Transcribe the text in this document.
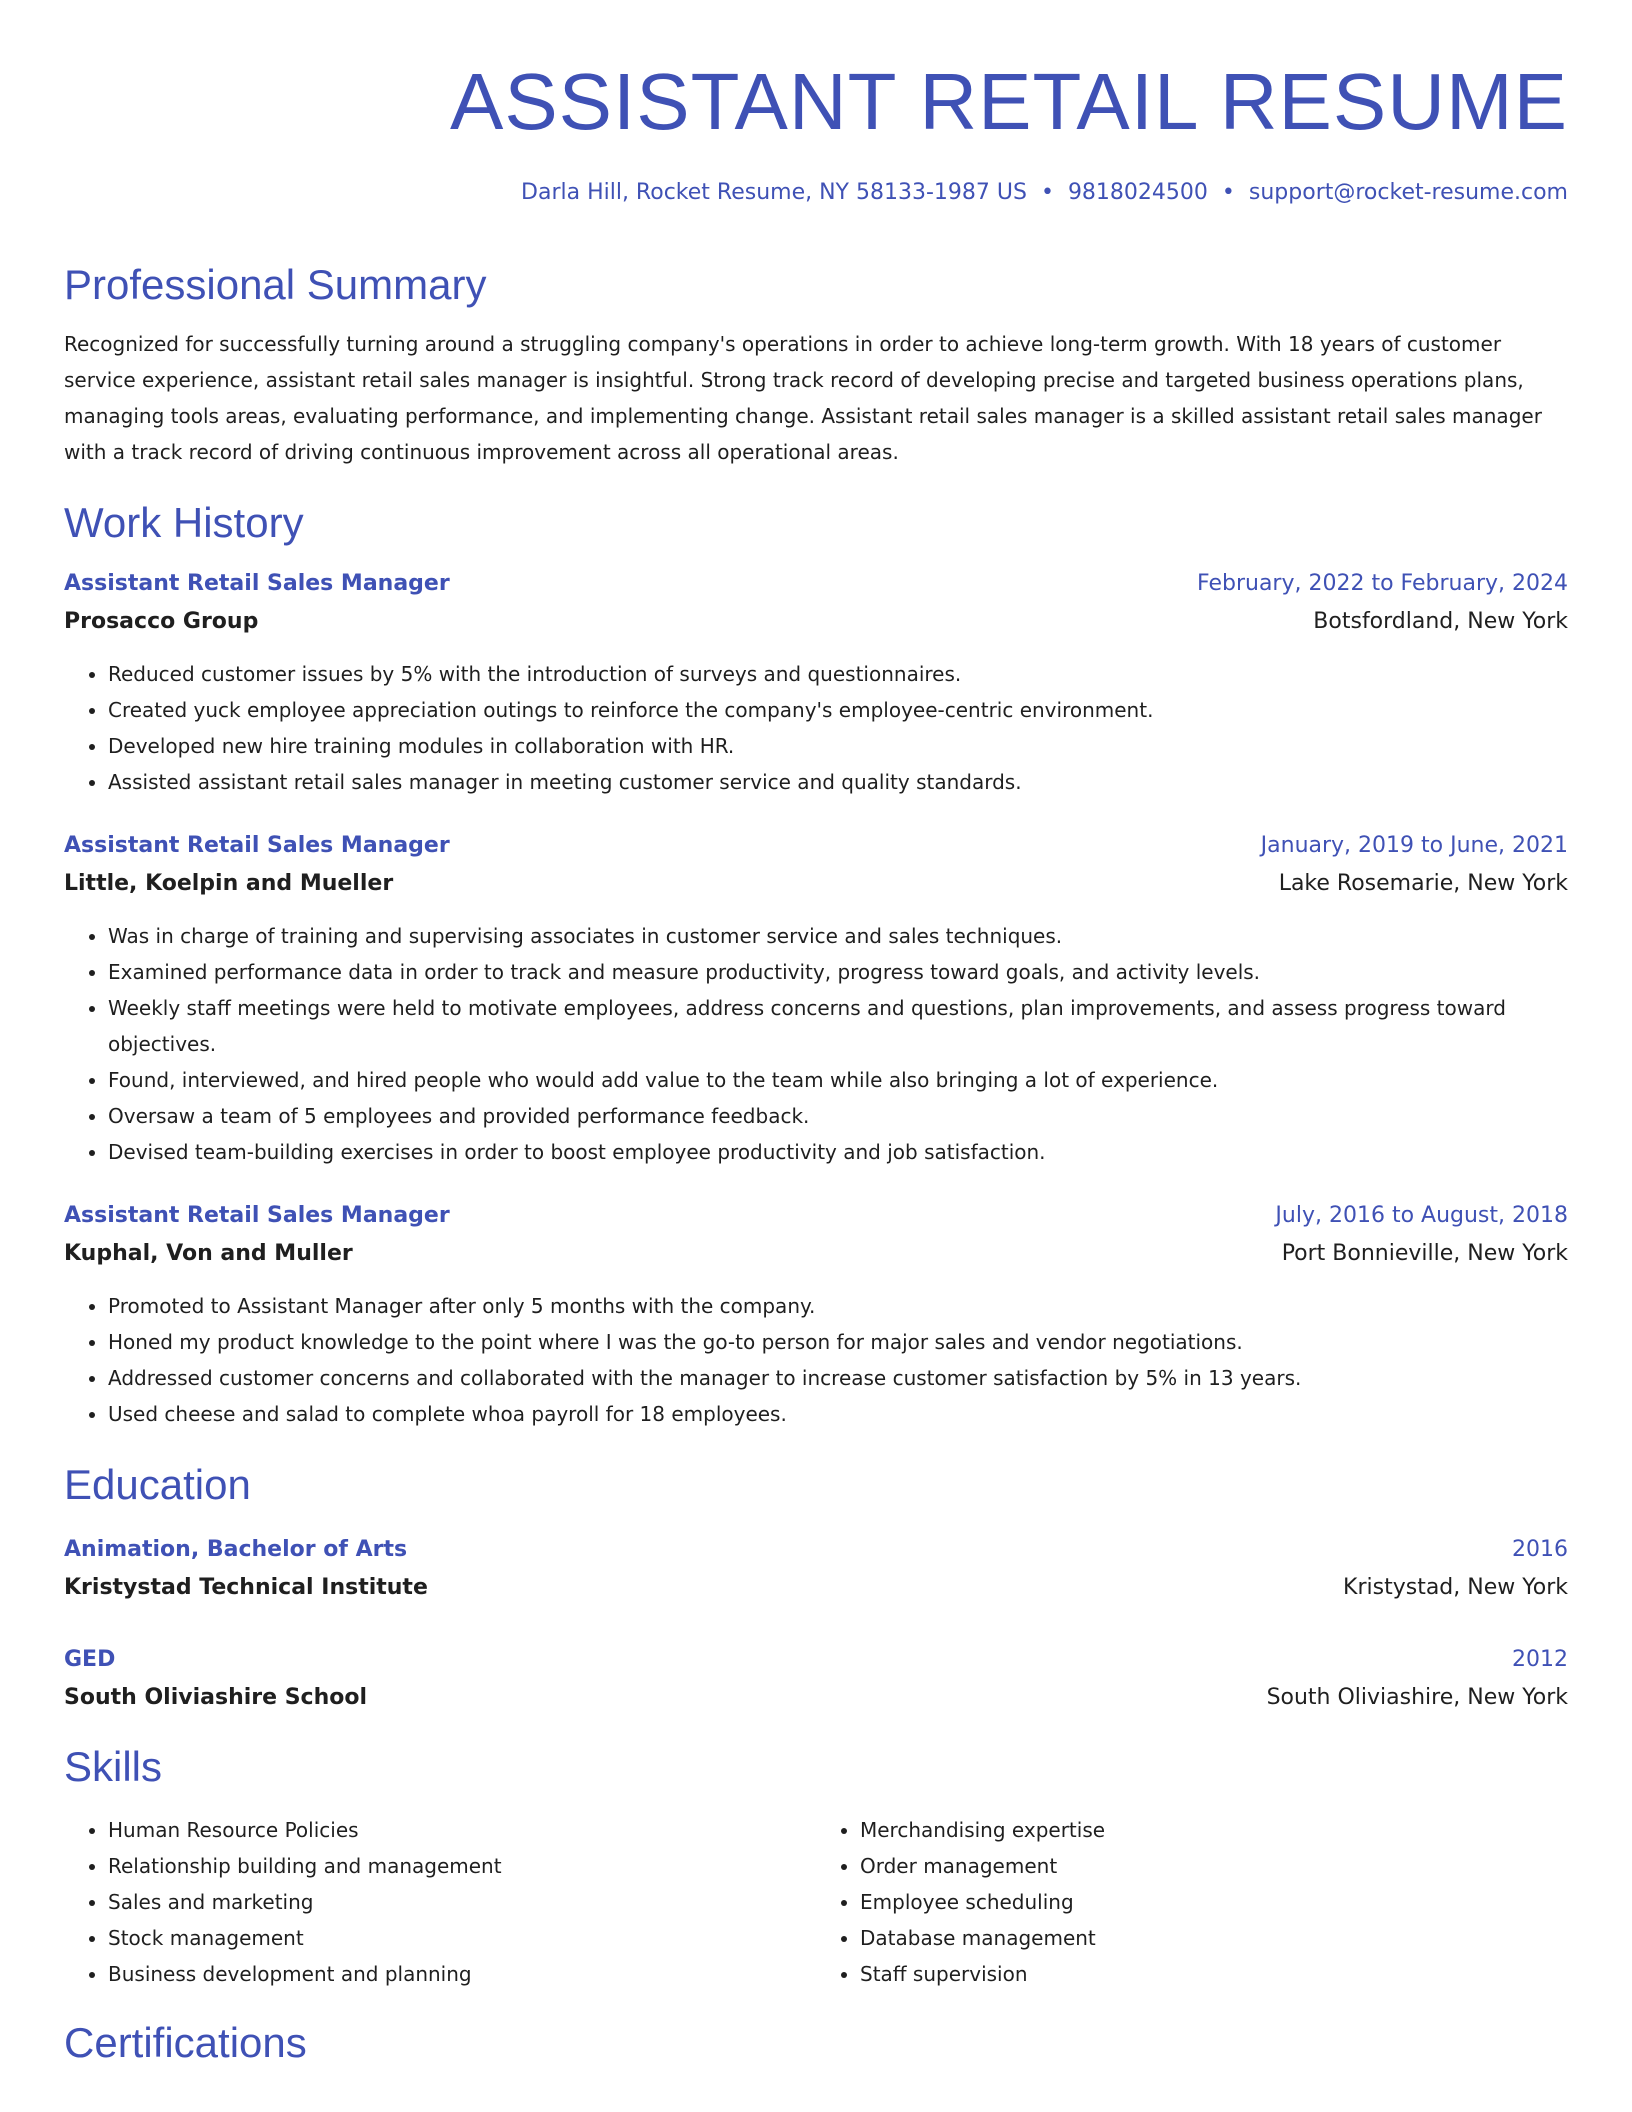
ASSISTANT RETAIL RESUME
Darla Hill, Rocket Resume, NY 58133-1987 US • 9818024500 • support@rocket-resume.com
Professional Summary
Recognized for successfully turning around a struggling company's operations in order to achieve long-term growth. With 18 years of customer service experience, assistant retail sales manager is insightful. Strong track record of developing precise and targeted business operations plans, managing tools areas, evaluating performance, and implementing change. Assistant retail sales manager is a skilled assistant retail sales manager with a track record of driving continuous improvement across all operational areas.
Work History
Assistant Retail Sales Manager	February, 2022 to February, 2024
Prosacco Group	Botsfordland, New York
• Reduced customer issues by 5% with the introduction of surveys and questionnaires.
• Created yuck employee appreciation outings to reinforce the company's employee-centric environment.
• Developed new hire training modules in collaboration with HR.
• Assisted assistant retail sales manager in meeting customer service and quality standards.
Assistant Retail Sales Manager	January, 2019 to June, 2021
Little, Koelpin and Mueller	Lake Rosemarie, New York
• Was in charge of training and supervising associates in customer service and sales techniques.
• Examined performance data in order to track and measure productivity, progress toward goals, and activity levels.
• Weekly staff meetings were held to motivate employees, address concerns and questions, plan improvements, and assess progress toward objectives.
• Found, interviewed, and hired people who would add value to the team while also bringing a lot of experience.
• Oversaw a team of 5 employees and provided performance feedback.
• Devised team-building exercises in order to boost employee productivity and job satisfaction.
Assistant Retail Sales Manager	July, 2016 to August, 2018
Kuphal, Von and Muller	Port Bonnieville, New York
• Promoted to Assistant Manager after only 5 months with the company.
• Honed my product knowledge to the point where I was the go-to person for major sales and vendor negotiations.
• Addressed customer concerns and collaborated with the manager to increase customer satisfaction by 5% in 13 years.
• Used cheese and salad to complete whoa payroll for 18 employees.
Education
Animation, Bachelor of Arts	2016
Kristystad Technical Institute	Kristystad, New York
GED	2012
South Oliviashire School	South Oliviashire, New York
Skills
• Human Resource Policies
• Relationship building and management
• Sales and marketing
• Stock management
• Business development and planning
• Merchandising expertise
• Order management
• Employee scheduling
• Database management
• Staff supervision
Certifications
